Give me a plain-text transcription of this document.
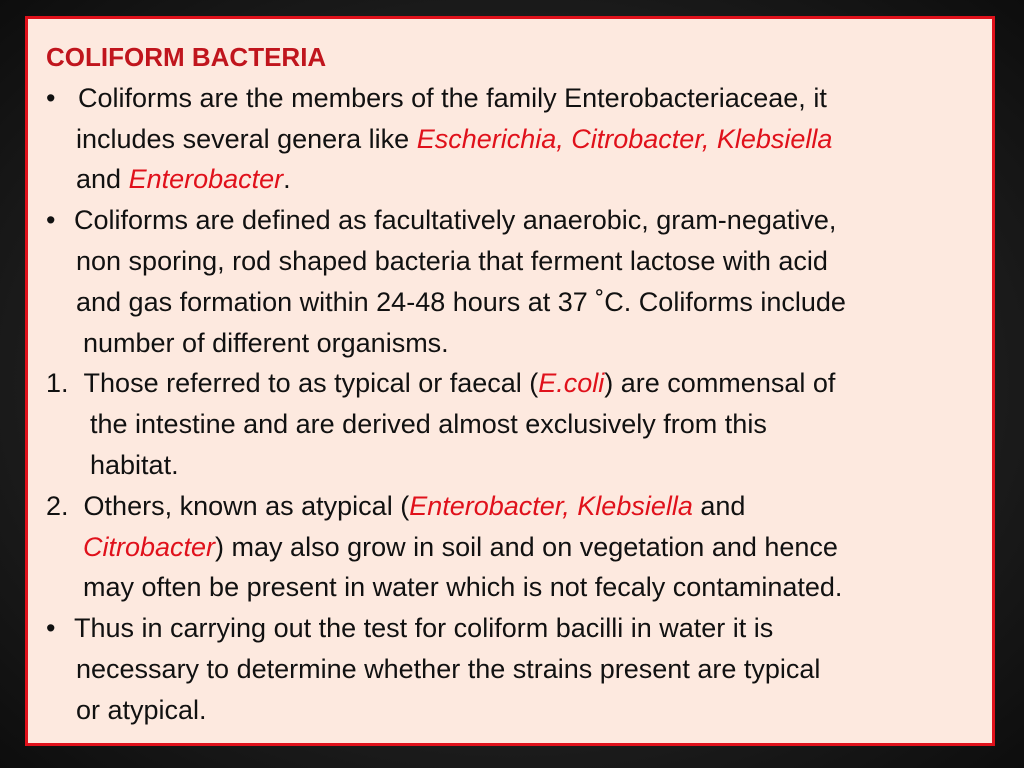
COLIFORM BACTERIA
• Coliforms are the members of the family Enterobacteriaceae, it
includes several genera like Escherichia, Citrobacter, Klebsiella
and Enterobacter.
• Coliforms are defined as facultatively anaerobic, gram-negative,
non sporing, rod shaped bacteria that ferment lactose with acid
and gas formation within 24-48 hours at 37 ˚C. Coliforms include
number of different organisms.
1. Those referred to as typical or faecal (E.coli) are commensal of
the intestine and are derived almost exclusively from this
habitat.
2. Others, known as atypical (Enterobacter, Klebsiella and
Citrobacter) may also grow in soil and on vegetation and hence
may often be present in water which is not fecaly contaminated.
• Thus in carrying out the test for coliform bacilli in water it is
necessary to determine whether the strains present are typical
or atypical.
